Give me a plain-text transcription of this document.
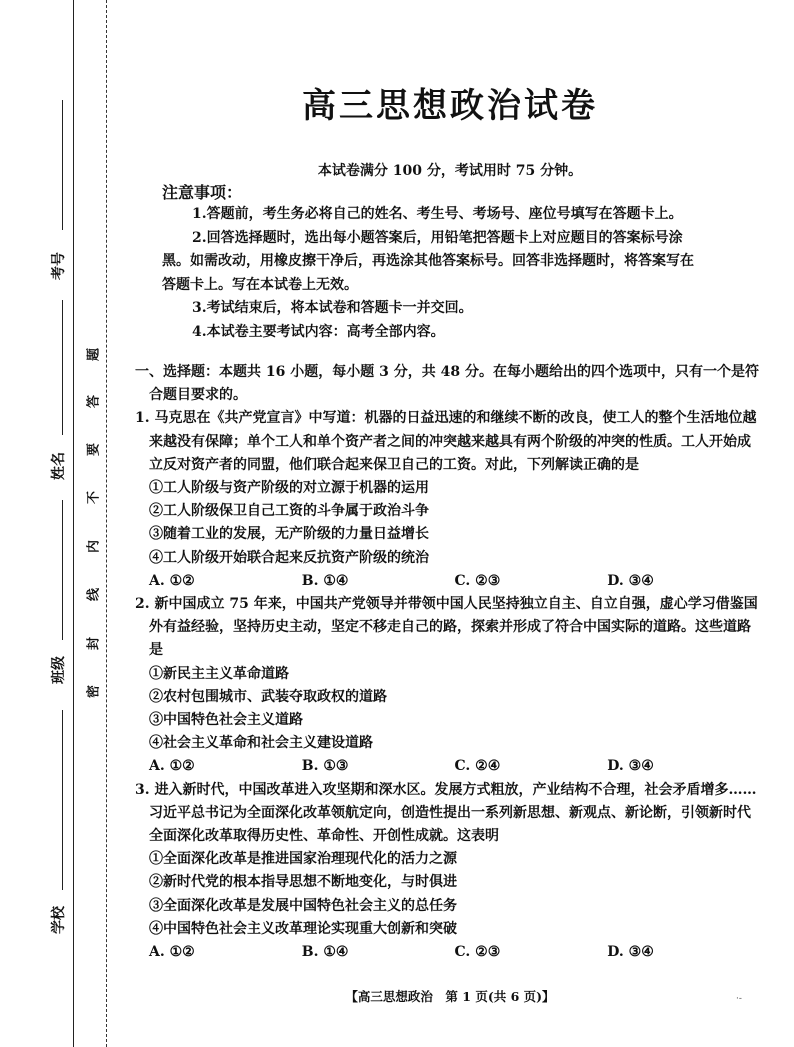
考号
姓名
班级
学校
题
答
要
不
内
线
封
密
高三思想政治试卷
本试卷满分 100 分，考试用时 75 分钟。
注意事项：

1.答题前，考生务必将自己的姓名、考生号、考场号、座位号填写在答题卡上。

2.回答选择题时，选出每小题答案后，用铅笔把答题卡上对应题目的答案标号涂

黑。如需改动，用橡皮擦干净后，再选涂其他答案标号。回答非选择题时，将答案写在

答题卡上。写在本试卷上无效。

3.考试结束后，将本试卷和答题卡一并交回。

4.本试卷主要考试内容：高考全部内容。

一、选择题：本题共 16 小题，每小题 3 分，共 48 分。在每小题给出的四个选项中，只有一个是符合题目要求的。

1. 马克思在《共产党宣言》中写道：机器的日益迅速的和继续不断的改良，使工人的整个生活地位越来越没有保障；单个工人和单个资产者之间的冲突越来越具有两个阶级的冲突的性质。工人开始成立反对资产者的同盟，他们联合起来保卫自己的工资。对此，下列解读正确的是

①工人阶级与资产阶级的对立源于机器的运用

②工人阶级保卫自己工资的斗争属于政治斗争

③随着工业的发展，无产阶级的力量日益增长

④工人阶级开始联合起来反抗资产阶级的统治

A. ①②	B. ①④	C. ②③	D. ③④

2. 新中国成立 75 年来，中国共产党领导并带领中国人民坚持独立自主、自立自强，虚心学习借鉴国外有益经验，坚持历史主动，坚定不移走自己的路，探索并形成了符合中国实际的道路。这些道路是

①新民主主义革命道路

②农村包围城市、武装夺取政权的道路

③中国特色社会主义道路

④社会主义革命和社会主义建设道路

A. ①②	B. ①③	C. ②④	D. ③④

3. 进入新时代，中国改革进入攻坚期和深水区。发展方式粗放，产业结构不合理，社会矛盾增多……习近平总书记为全面深化改革领航定向，创造性提出一系列新思想、新观点、新论断，引领新时代全面深化改革取得历史性、革命性、开创性成就。这表明

①全面深化改革是推进国家治理现代化的活力之源

②新时代党的根本指导思想不断地变化，与时俱进

③全面深化改革是发展中国特色社会主义的总任务

④中国特色社会主义改革理论实现重大创新和突破

A. ①②	B. ①④	C. ②③	D. ③④
【高三思想政治　第 1 页(共 6 页)】	·-
